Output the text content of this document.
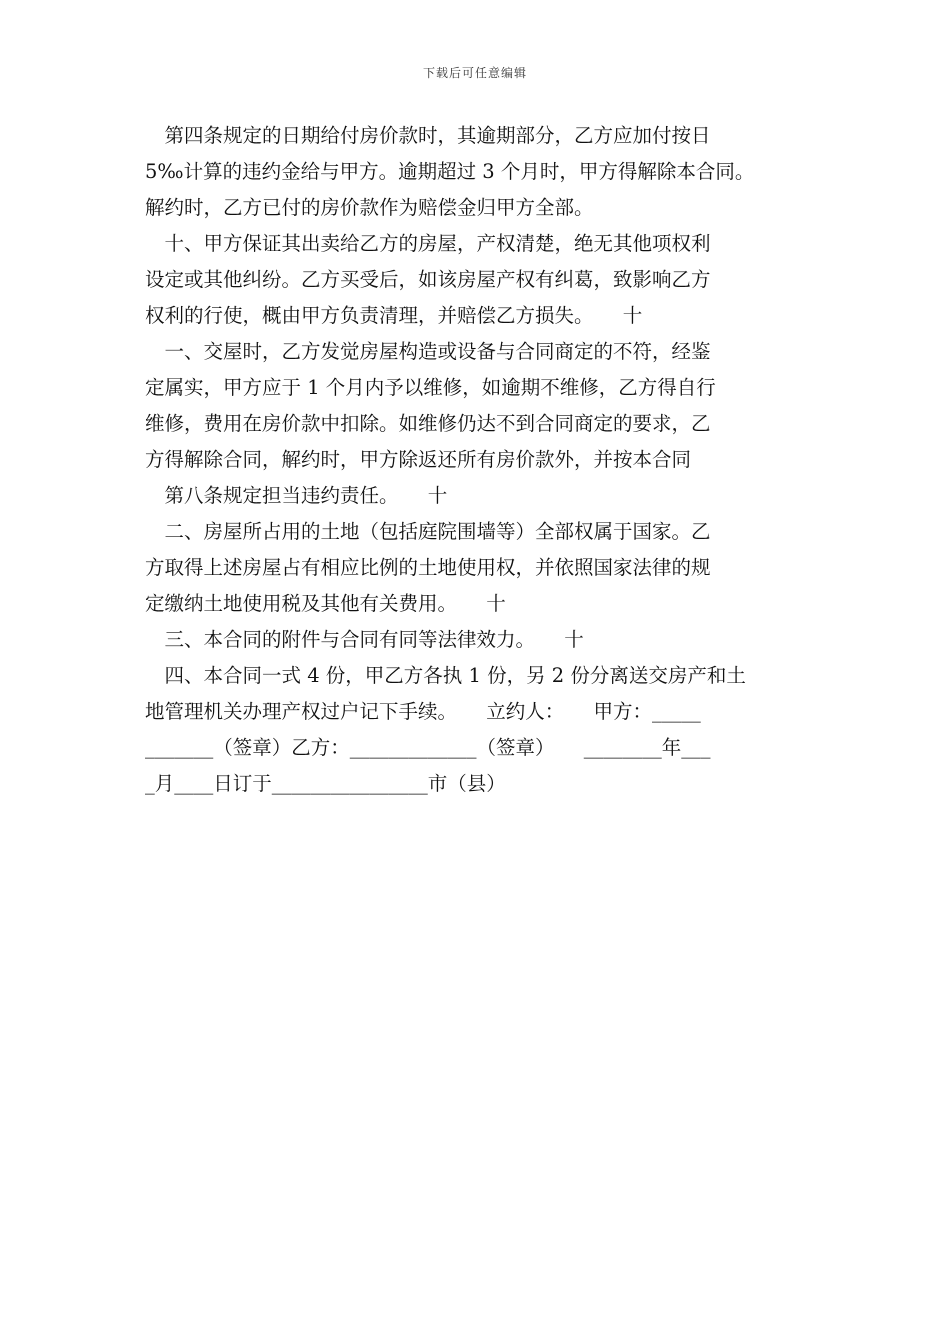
下载后可任意编辑
　第四条规定的日期给付房价款时，其逾期部分，乙方应加付按日
5‰计算的违约金给与甲方。逾期超过 3 个月时，甲方得解除本合同。
解约时，乙方已付的房价款作为赔偿金归甲方全部。
　十、甲方保证其出卖给乙方的房屋，产权清楚，绝无其他项权利
设定或其他纠纷。乙方买受后，如该房屋产权有纠葛，致影响乙方
权利的行使，概由甲方负责清理，并赔偿乙方损失。　　十
　一、交屋时，乙方发觉房屋构造或设备与合同商定的不符，经鉴
定属实，甲方应于 1 个月内予以维修，如逾期不维修，乙方得自行
维修，费用在房价款中扣除。如维修仍达不到合同商定的要求，乙
方得解除合同，解约时，甲方除返还所有房价款外，并按本合同
　第八条规定担当违约责任。　　十
　二、房屋所占用的土地（包括庭院围墙等）全部权属于国家。乙
方取得上述房屋占有相应比例的土地使用权，并依照国家法律的规
定缴纳土地使用税及其他有关费用。　　十
　三、本合同的附件与合同有同等法律效力。　　十
　四、本合同一式 4 份，甲乙方各执 1 份，另 2 份分离送交房产和土
地管理机关办理产权过户记下手续。　　立约人：　　甲方：_____
_______（签章）乙方：_____________（签章）　　________年___
_月____日订于________________市（县）
